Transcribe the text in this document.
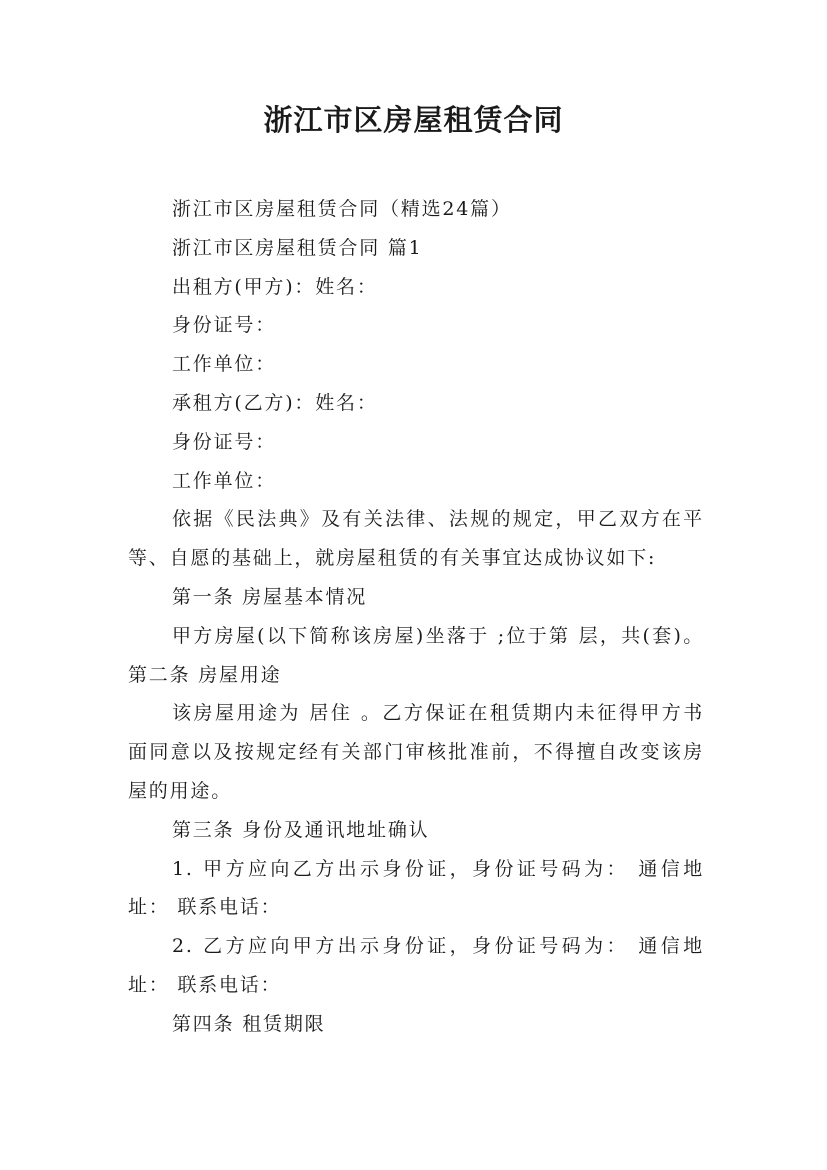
浙江市区房屋租赁合同

浙江市区房屋租赁合同（精选24篇）

浙江市区房屋租赁合同 篇1

出租方(甲方)：姓名：

身份证号：

工作单位：

承租方(乙方)：姓名：

身份证号：

工作单位：

依据《民法典》及有关法律、法规的规定，甲乙双方在平等、自愿的基础上，就房屋租赁的有关事宜达成协议如下:

第一条 房屋基本情况

甲方房屋(以下简称该房屋)坐落于 ;位于第 层，共(套)。 第二条 房屋用途

该房屋用途为 居住 。乙方保证在租赁期内未征得甲方书面同意以及按规定经有关部门审核批准前，不得擅自改变该房屋的用途。

第三条 身份及通讯地址确认

1. 甲方应向乙方出示身份证，身份证号码为： 通信地址： 联系电话：

2. 乙方应向甲方出示身份证，身份证号码为： 通信地址： 联系电话：

第四条 租赁期限
